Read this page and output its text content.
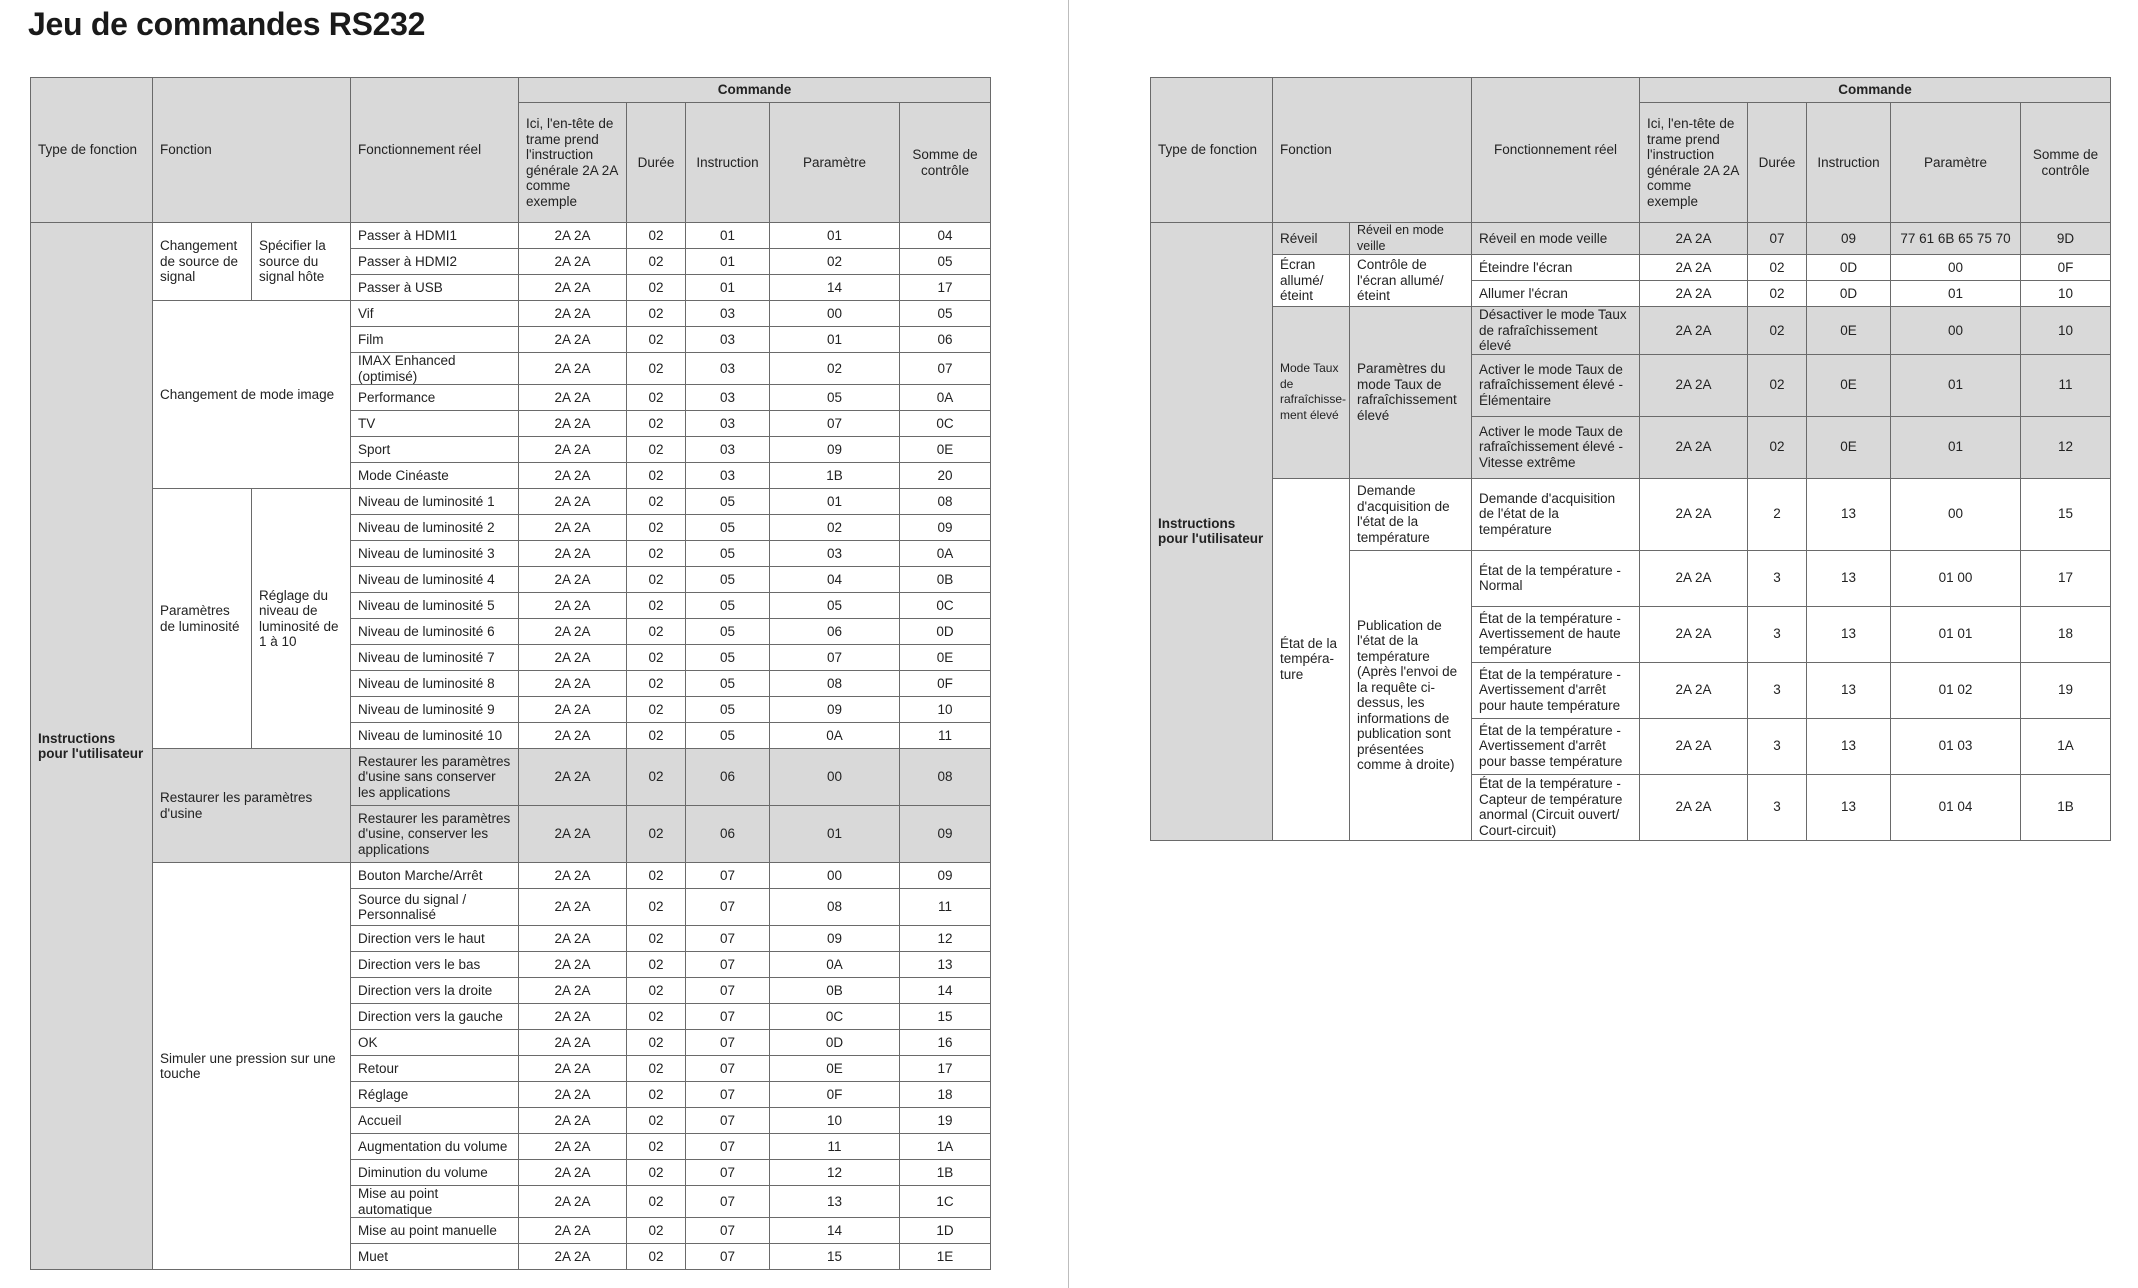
Jeu de commandes RS232
Type de fonction	Fonction		Fonctionnement réel	Commande				
				Ici, l'en-tête de trame prend l'instruction générale 2A 2A comme exemple	Durée	Instruction	Paramètre	Somme de contrôle
Instructions pour l'utilisateur	Changement de source de signal	Spécifier la source du signal hôte	Passer à HDMI1	2A 2A	02	01	01	04
			Passer à HDMI2	2A 2A	02	01	02	05
			Passer à USB	2A 2A	02	01	14	17
	Changement de mode image		Vif	2A 2A	02	03	00	05
			Film	2A 2A	02	03	01	06
			IMAX Enhanced (optimisé)	2A 2A	02	03	02	07
			Performance	2A 2A	02	03	05	0A
			TV	2A 2A	02	03	07	0C
			Sport	2A 2A	02	03	09	0E
			Mode Cinéaste	2A 2A	02	03	1B	20
	Paramètres de luminosité	Réglage du niveau de luminosité de 1 à 10	Niveau de luminosité 1	2A 2A	02	05	01	08
			Niveau de luminosité 2	2A 2A	02	05	02	09
			Niveau de luminosité 3	2A 2A	02	05	03	0A
			Niveau de luminosité 4	2A 2A	02	05	04	0B
			Niveau de luminosité 5	2A 2A	02	05	05	0C
			Niveau de luminosité 6	2A 2A	02	05	06	0D
			Niveau de luminosité 7	2A 2A	02	05	07	0E
			Niveau de luminosité 8	2A 2A	02	05	08	0F
			Niveau de luminosité 9	2A 2A	02	05	09	10
			Niveau de luminosité 10	2A 2A	02	05	0A	11
	Restaurer les paramètres d'usine		Restaurer les paramètres d'usine sans conserver les applications	2A 2A	02	06	00	08
			Restaurer les paramètres d'usine, conserver les applications	2A 2A	02	06	01	09
	Simuler une pression sur une touche		Bouton Marche/Arrêt	2A 2A	02	07	00	09
			Source du signal / Personnalisé	2A 2A	02	07	08	11
			Direction vers le haut	2A 2A	02	07	09	12
			Direction vers le bas	2A 2A	02	07	0A	13
			Direction vers la droite	2A 2A	02	07	0B	14
			Direction vers la gauche	2A 2A	02	07	0C	15
			OK	2A 2A	02	07	0D	16
			Retour	2A 2A	02	07	0E	17
			Réglage	2A 2A	02	07	0F	18
			Accueil	2A 2A	02	07	10	19
			Augmentation du volume	2A 2A	02	07	11	1A
			Diminution du volume	2A 2A	02	07	12	1B
			Mise au point automatique	2A 2A	02	07	13	1C
			Mise au point manuelle	2A 2A	02	07	14	1D
			Muet	2A 2A	02	07	15	1E
Type de fonction	Fonction		Fonctionnement réel	Commande				
				Ici, l'en-tête de trame prend l'instruction générale 2A 2A comme exemple	Durée	Instruction	Paramètre	Somme de contrôle
Instructions pour l'utilisateur	Réveil	Réveil en mode veille	Réveil en mode veille	2A 2A	07	09	77 61 6B 65 75 70	9D
	Écran allumé/ éteint	Contrôle de l'écran allumé/éteint	Éteindre l'écran	2A 2A	02	0D	00	0F
			Allumer l'écran	2A 2A	02	0D	01	10
	Mode Taux de rafraîchisse- ment élevé	Paramètres du mode Taux de rafraîchissement élevé	Désactiver le mode Taux de rafraîchissement élevé	2A 2A	02	0E	00	10
			Activer le mode Taux de rafraîchissement élevé - Élémentaire	2A 2A	02	0E	01	11
			Activer le mode Taux de rafraîchissement élevé - Vitesse extrême	2A 2A	02	0E	01	12
	État de la tempéra- ture	Demande d'acquisition de l'état de la température	Demande d'acquisition de l'état de la température	2A 2A	2	13	00	15
		Publication de l'état de la température (Après l'envoi de la requête ci-dessus, les informations de publication sont présentées comme à droite)	État de la température - Normal	2A 2A	3	13	01 00	17
			État de la température - Avertissement de haute température	2A 2A	3	13	01 01	18
			État de la température - Avertissement d'arrêt pour haute température	2A 2A	3	13	01 02	19
			État de la température - Avertissement d'arrêt pour basse température	2A 2A	3	13	01 03	1A
			État de la température - Capteur de température anormal (Circuit ouvert/ Court-circuit)	2A 2A	3	13	01 04	1B
